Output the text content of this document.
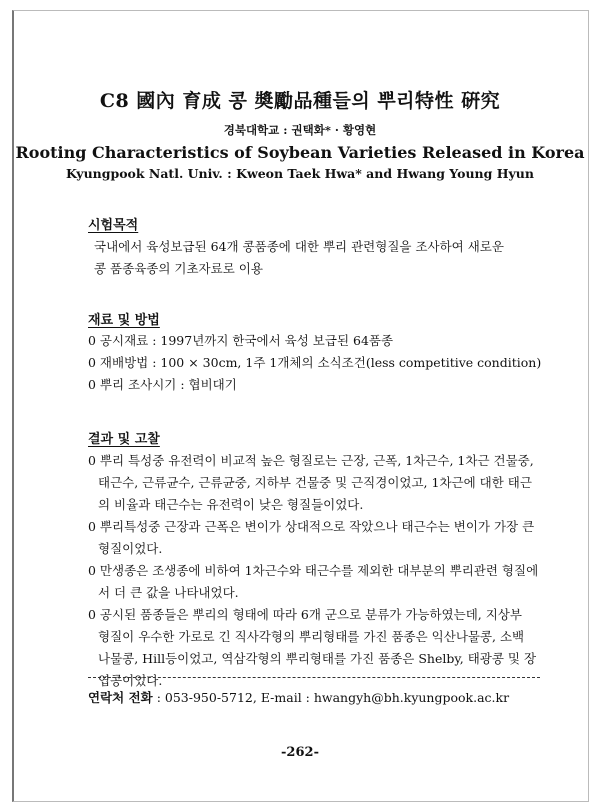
C8 國內 育成 콩 奬勵品種들의 뿌리特性 硏究
경북대학교 : 권택화* · 황영현
Rooting Characteristics of Soybean Varieties Released in Korea
Kyungpook Natl. Univ. : Kweon Taek Hwa* and Hwang Young Hyun
시험목적
국내에서 육성보급된 64개 콩품종에 대한 뿌리 관련형질을 조사하여 새로운
콩 품종육종의 기초자료로 이용
재료 및 방법
0 공시재료 : 1997년까지 한국에서 육성 보급된 64품종
0 재배방법 : 100 × 30cm, 1주 1개체의 소식조건(less competitive condition)
0 뿌리 조사시기 : 협비대기
결과 및 고찰
0 뿌리 특성중 유전력이 비교적 높은 형질로는 근장, 근폭, 1차근수, 1차근 건물중,
태근수, 근류균수, 근류균중, 지하부 건물중 및 근직경이었고, 1차근에 대한 태근
의 비율과 태근수는 유전력이 낮은 형질들이었다.
0 뿌리특성중 근장과 근폭은 변이가 상대적으로 작았으나 태근수는 변이가 가장 큰
형질이었다.
0 만생종은 조생종에 비하여 1차근수와 태근수를 제외한 대부분의 뿌리관련 형질에
서 더 큰 값을 나타내었다.
0 공시된 품종들은 뿌리의 형태에 따라 6개 군으로 분류가 가능하였는데, 지상부
형질이 우수한 가로로 긴 직사각형의 뿌리형태를 가진 품종은 익산나물콩, 소백
나물콩, Hill등이었고, 역삼각형의 뿌리형태를 가진 품종은 Shelby, 태광콩 및 장
엽콩이었다.
연락처 전화 : 053-950-5712, E-mail : hwangyh@bh.kyungpook.ac.kr
-262-
